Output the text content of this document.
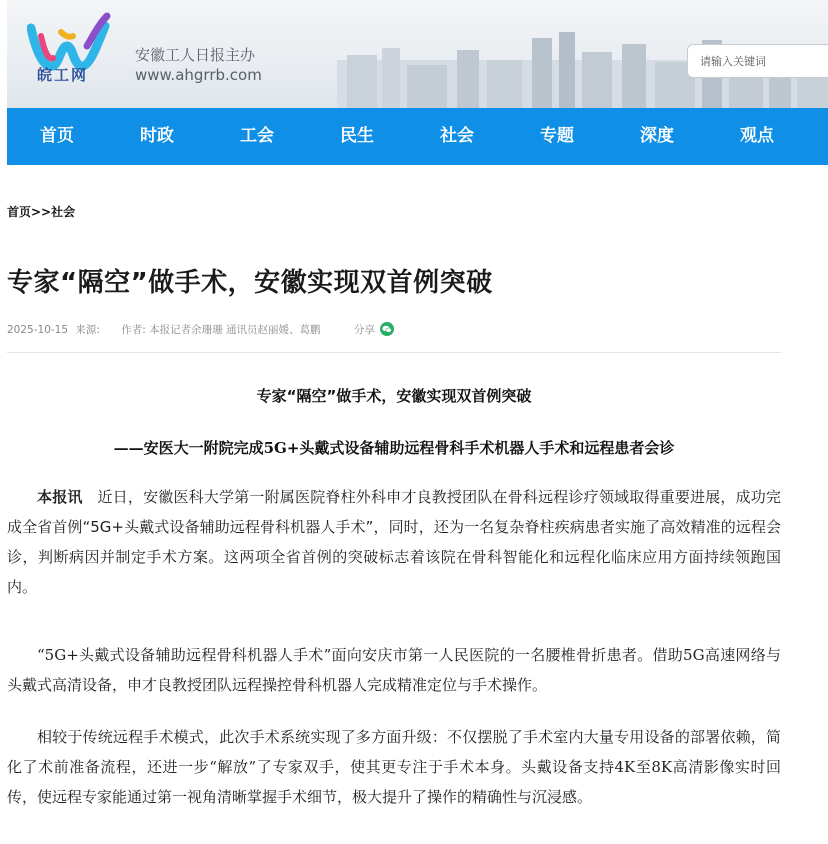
皖工网
安徽工人日报主办
www.ahgrrb.com
请输入关键词
首页	时政	工会	民生	社会	专题	深度	观点
首页>>社会
专家“隔空”做手术，安徽实现双首例突破
2025-10-15 来源: 作者: 本报记者余珊珊 通讯员赵丽媛、葛鹏	分享
专家“隔空”做手术，安徽实现双首例突破
——安医大一附院完成5G+头戴式设备辅助远程骨科手术机器人手术和远程患者会诊
本报讯 近日，安徽医科大学第一附属医院脊柱外科申才良教授团队在骨科远程诊疗领域取得重要进展，成功完成全省首例“5G+头戴式设备辅助远程骨科机器人手术”，同时，还为一名复杂脊柱疾病患者实施了高效精准的远程会诊，判断病因并制定手术方案。这两项全省首例的突破标志着该院在骨科智能化和远程化临床应用方面持续领跑国内。
“5G+头戴式设备辅助远程骨科机器人手术”面向安庆市第一人民医院的一名腰椎骨折患者。借助5G高速网络与头戴式高清设备，申才良教授团队远程操控骨科机器人完成精准定位与手术操作。
相较于传统远程手术模式，此次手术系统实现了多方面升级：不仅摆脱了手术室内大量专用设备的部署依赖，简化了术前准备流程，还进一步“解放”了专家双手，使其更专注于手术本身。头戴设备支持4K至8K高清影像实时回传，使远程专家能通过第一视角清晰掌握手术细节，极大提升了操作的精确性与沉浸感。
